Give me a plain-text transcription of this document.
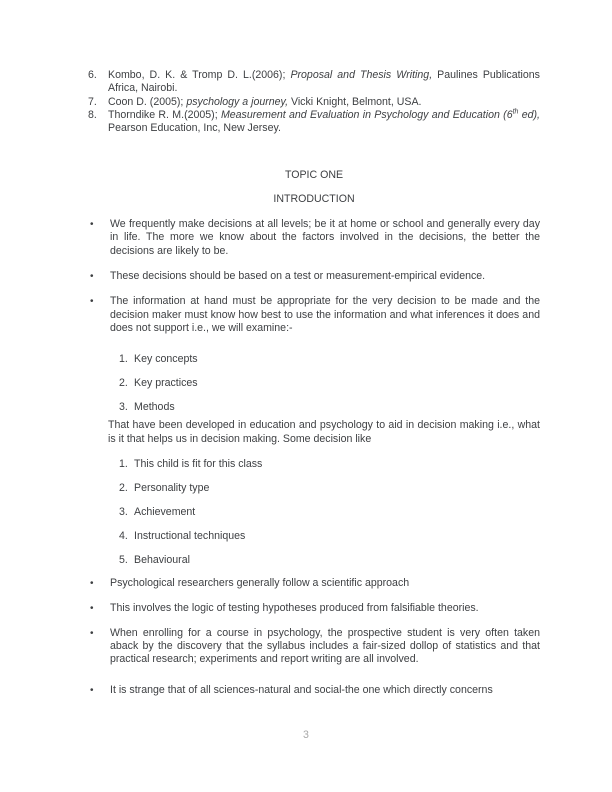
6.	Kombo, D. K. & Tromp D. L.(2006); Proposal and Thesis Writing, Paulines Publications Africa, Nairobi.
7.	Coon D. (2005); psychology a journey, Vicki Knight, Belmont, USA.
8.	Thorndike R. M.(2005); Measurement and Evaluation in Psychology and Education (6th ed), Pearson Education, Inc, New Jersey.
TOPIC ONE
INTRODUCTION
•	We frequently make decisions at all levels; be it at home or school and generally every day in life. The more we know about the factors involved in the decisions, the better the decisions are likely to be.
•	These decisions should be based on a test or measurement-empirical evidence.
•	The information at hand must be appropriate for the very decision to be made and the decision maker must know how best to use the information and what inferences it does and does not support i.e., we will examine:-
1. Key concepts
2. Key practices
3. Methods
That have been developed in education and psychology to aid in decision making i.e., what is it that helps us in decision making. Some decision like
1. This child is fit for this class
2. Personality type
3. Achievement
4. Instructional techniques
5. Behavioural
•	Psychological researchers generally follow a scientific approach
•	This involves the logic of testing hypotheses produced from falsifiable theories.
•	When enrolling for a course in psychology, the prospective student is very often taken aback by the discovery that the syllabus includes a fair-sized dollop of statistics and that practical research; experiments and report writing are all involved.
•	It is strange that of all sciences-natural and social-the one which directly concerns
3
